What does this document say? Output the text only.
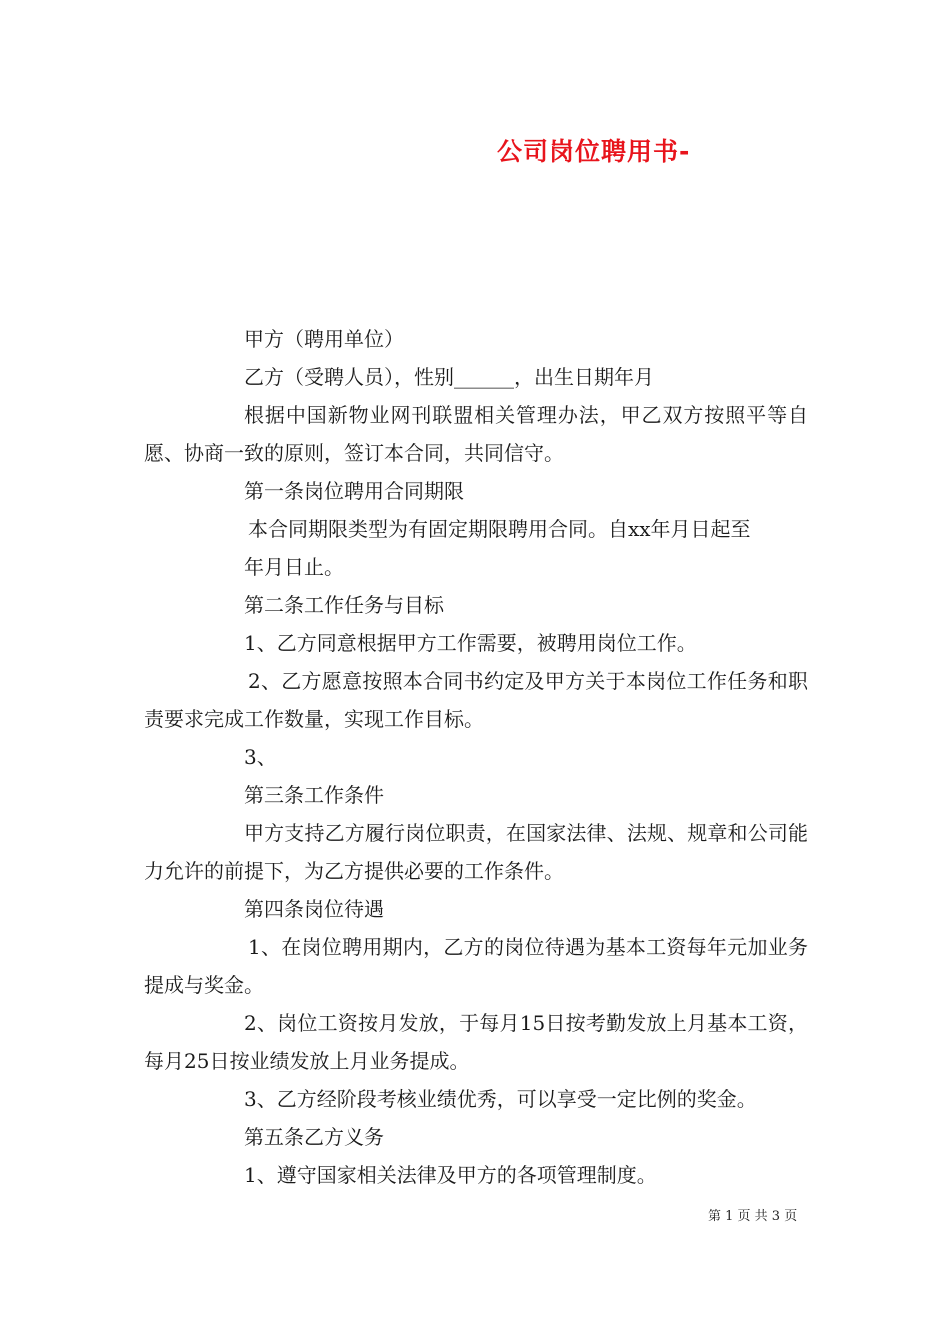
公司岗位聘用书-

甲方（聘用单位）

乙方（受聘人员），性别______，出生日期年月

根据中国新物业网刊联盟相关管理办法，甲乙双方按照平等自愿、协商一致的原则，签订本合同，共同信守。

第一条岗位聘用合同期限

本合同期限类型为有固定期限聘用合同。自xx年月日起至

年月日止。

第二条工作任务与目标

1、乙方同意根据甲方工作需要，被聘用岗位工作。

2、乙方愿意按照本合同书约定及甲方关于本岗位工作任务和职责要求完成工作数量，实现工作目标。

3、

第三条工作条件

甲方支持乙方履行岗位职责，在国家法律、法规、规章和公司能力允许的前提下，为乙方提供必要的工作条件。

第四条岗位待遇

1、在岗位聘用期内，乙方的岗位待遇为基本工资每年元加业务提成与奖金。

2、岗位工资按月发放，于每月15日按考勤发放上月基本工资，每月25日按业绩发放上月业务提成。

3、乙方经阶段考核业绩优秀，可以享受一定比例的奖金。

第五条乙方义务

1、遵守国家相关法律及甲方的各项管理制度。

第 1 页 共 3 页
